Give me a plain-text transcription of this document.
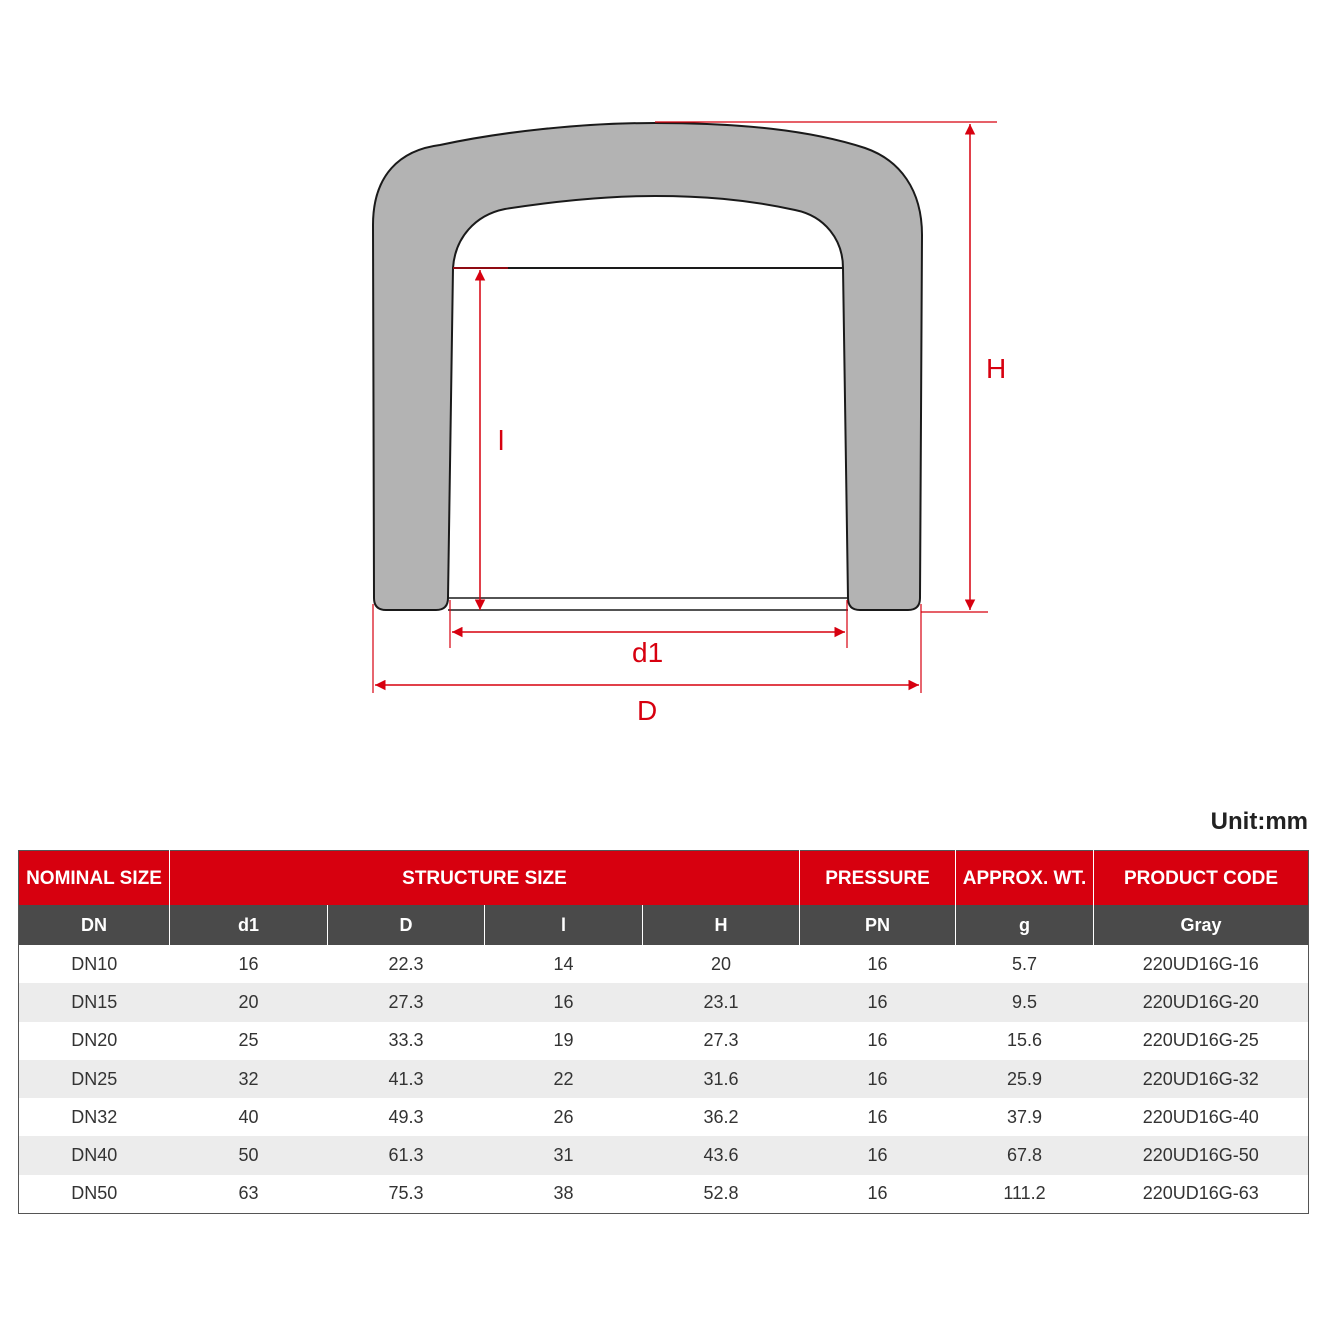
H
l
d1
D
Unit:mm
NOMINAL SIZE	STRUCTURE SIZE				PRESSURE	APPROX. WT.	PRODUCT CODE
DN	d1	D	l	H	PN	g	Gray
DN10	16	22.3	14	20	16	5.7	220UD16G-16
DN15	20	27.3	16	23.1	16	9.5	220UD16G-20
DN20	25	33.3	19	27.3	16	15.6	220UD16G-25
DN25	32	41.3	22	31.6	16	25.9	220UD16G-32
DN32	40	49.3	26	36.2	16	37.9	220UD16G-40
DN40	50	61.3	31	43.6	16	67.8	220UD16G-50
DN50	63	75.3	38	52.8	16	111.2	220UD16G-63
